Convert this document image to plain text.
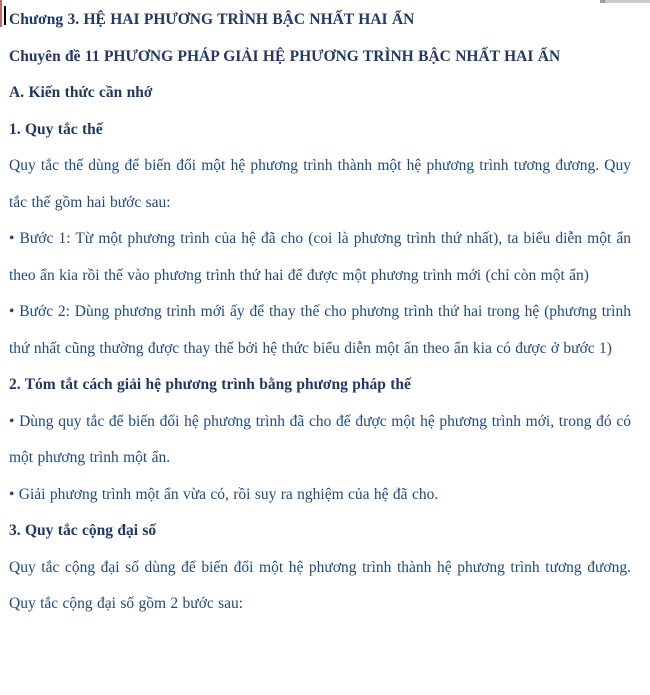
Chương 3. HỆ HAI PHƯƠNG TRÌNH BẬC NHẤT HAI ẨN
Chuyên đề 11 PHƯƠNG PHÁP GIẢI HỆ PHƯƠNG TRÌNH BẬC NHẤT HAI ẨN
A. Kiến thức cần nhớ
1. Quy tắc thế
Quy tắc thế dùng để biến đổi một hệ phương trình thành một hệ phương trình tương đương. Quy tắc thế gồm hai bước sau:
• Bước 1: Từ một phương trình của hệ đã cho (coi là phương trình thứ nhất), ta biểu diễn một ẩn theo ẩn kia rồi thế vào phương trình thứ hai để được một phương trình mới (chỉ còn một ẩn)
• Bước 2: Dùng phương trình mới ấy để thay thế cho phương trình thứ hai trong hệ (phương trình thứ nhất cũng thường được thay thế bởi hệ thức biểu diễn một ẩn theo ẩn kia có được ở bước 1)
2. Tóm tắt cách giải hệ phương trình bằng phương pháp thế
• Dùng quy tắc để biến đổi hệ phương trình đã cho để được một hệ phương trình mới, trong đó có một phương trình một ẩn.
• Giải phương trình một ẩn vừa có, rồi suy ra nghiệm của hệ đã cho.
3. Quy tắc cộng đại số
Quy tắc cộng đại số dùng để biến đổi một hệ phương trình thành hệ phương trình tương đương. Quy tắc cộng đại số gồm 2 bước sau:
